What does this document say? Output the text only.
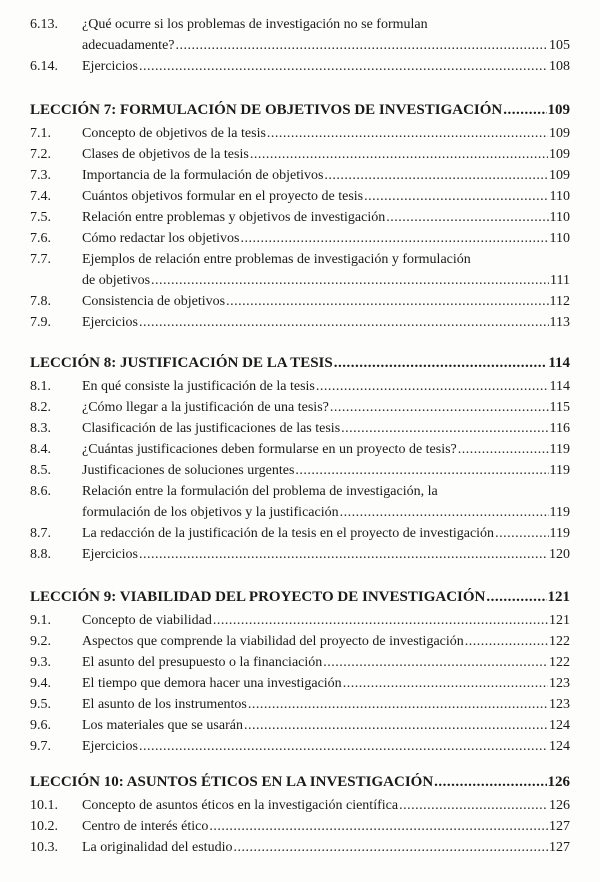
6.13. ¿Qué ocurre si los problemas de investigación no se formulan
adecuadamente? .....	105
6.14. Ejercicios .....	108
LECCIÓN 7: FORMULACIÓN DE OBJETIVOS DE INVESTIGACIÓN .....	109
7.1. Concepto de objetivos de la tesis .....	109
7.2. Clases de objetivos de la tesis .....	109
7.3. Importancia de la formulación de objetivos .....	109
7.4. Cuántos objetivos formular en el proyecto de tesis .....	110
7.5. Relación entre problemas y objetivos de investigación .....	110
7.6. Cómo redactar los objetivos .....	110
7.7. Ejemplos de relación entre problemas de investigación y formulación
de objetivos .....	111
7.8. Consistencia de objetivos .....	112
7.9. Ejercicios .....	113
LECCIÓN 8: JUSTIFICACIÓN DE LA TESIS .....	114
8.1. En qué consiste la justificación de la tesis .....	114
8.2. ¿Cómo llegar a la justificación de una tesis? .....	115
8.3. Clasificación de las justificaciones de las tesis .....	116
8.4. ¿Cuántas justificaciones deben formularse en un proyecto de tesis? .....	119
8.5. Justificaciones de soluciones urgentes .....	119
8.6. Relación entre la formulación del problema de investigación, la
formulación de los objetivos y la justificación .....	119
8.7. La redacción de la justificación de la tesis en el proyecto de investigación .....	119
8.8. Ejercicios .....	120
LECCIÓN 9: VIABILIDAD DEL PROYECTO DE INVESTIGACIÓN .....	121
9.1. Concepto de viabilidad .....	121
9.2. Aspectos que comprende la viabilidad del proyecto de investigación .....	122
9.3. El asunto del presupuesto o la financiación .....	122
9.4. El tiempo que demora hacer una investigación .....	123
9.5. El asunto de los instrumentos .....	123
9.6. Los materiales que se usarán .....	124
9.7. Ejercicios .....	124
LECCIÓN 10: ASUNTOS ÉTICOS EN LA INVESTIGACIÓN .....	126
10.1. Concepto de asuntos éticos en la investigación científica .....	126
10.2. Centro de interés ético .....	127
10.3. La originalidad del estudio .....	127
